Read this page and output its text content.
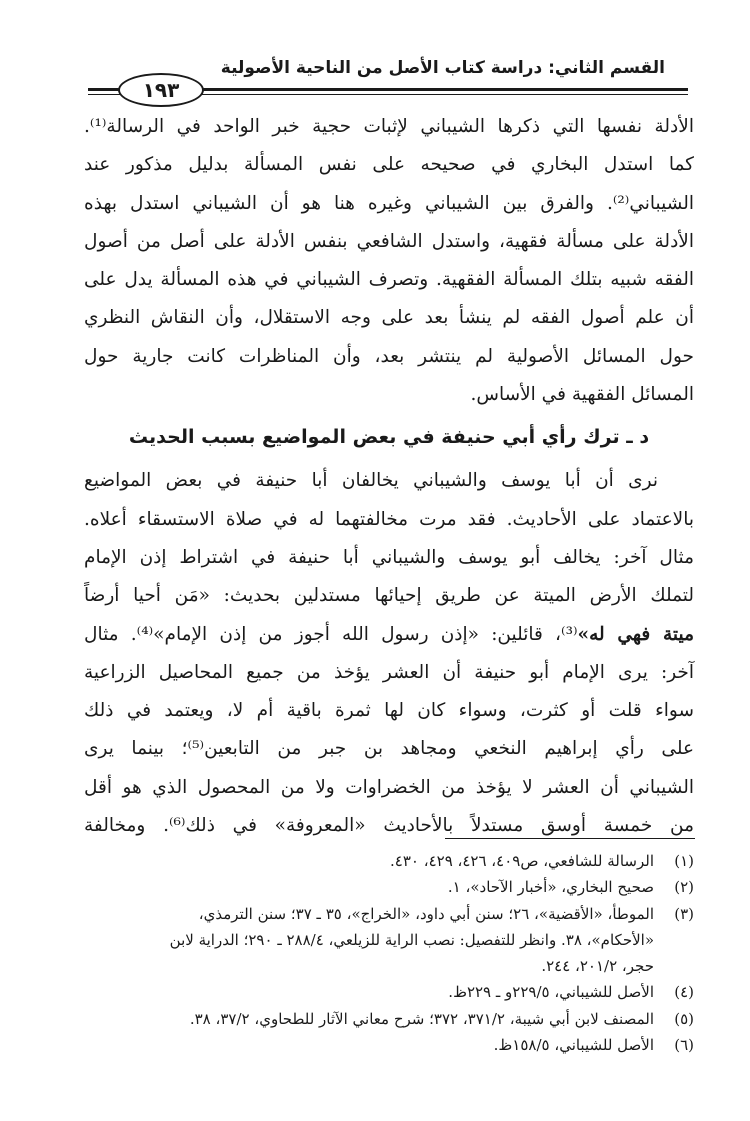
القسم الثاني: دراسة كتاب الأصل من الناحية الأصولية
١٩٣
الأدلة نفسها التي ذكرها الشيباني لإثبات حجية خبر الواحد في الرسالة⁽¹⁾.
كما استدل البخاري في صحيحه على نفس المسألة بدليل مذكور عند
الشيباني⁽²⁾. والفرق بين الشيباني وغيره هنا هو أن الشيباني استدل بهذه
الأدلة على مسألة فقهية، واستدل الشافعي بنفس الأدلة على أصل من أصول
الفقه شبيه بتلك المسألة الفقهية. وتصرف الشيباني في هذه المسألة يدل على
أن علم أصول الفقه لم ينشأ بعد على وجه الاستقلال، وأن النقاش النظري
حول المسائل الأصولية لم ينتشر بعد، وأن المناظرات كانت جارية حول
المسائل الفقهية في الأساس.
د ـ ترك رأي أبي حنيفة في بعض المواضيع بسبب الحديث
نرى أن أبا يوسف والشيباني يخالفان أبا حنيفة في بعض المواضيع
بالاعتماد على الأحاديث. فقد مرت مخالفتهما له في صلاة الاستسقاء أعلاه.
مثال آخر: يخالف أبو يوسف والشيباني أبا حنيفة في اشتراط إذن الإمام
لتملك الأرض الميتة عن طريق إحيائها مستدلين بحديث: «مَن أحيا أرضاً
ميتة فهي له»⁽³⁾، قائلين: «إذن رسول الله أجوز من إذن الإمام»⁽⁴⁾. مثال
آخر: يرى الإمام أبو حنيفة أن العشر يؤخذ من جميع المحاصيل الزراعية
سواء قلت أو كثرت، وسواء كان لها ثمرة باقية أم لا، ويعتمد في ذلك
على رأي إبراهيم النخعي ومجاهد بن جبر من التابعين⁽⁵⁾؛ بينما يرى
الشيباني أن العشر لا يؤخذ من الخضراوات ولا من المحصول الذي هو أقل
من خمسة أوسق مستدلاً بالأحاديث «المعروفة» في ذلك⁽⁶⁾. ومخالفة
(١)
الرسالة للشافعي، ص٤٠٩، ٤٢٦، ٤٢٩، ٤٣٠.
(٢)
صحيح البخاري، «أخبار الآحاد»، ١.
(٣)
الموطأ، «الأقضية»، ٢٦؛ سنن أبي داود، «الخراج»، ٣٥ ـ ٣٧؛ سنن الترمذي،
«الأحكام»، ٣٨. وانظر للتفصيل: نصب الراية للزيلعي، ٢٨٨/٤ ـ ٢٩٠؛ الدراية لابن
حجر، ٢٠١/٢، ٢٤٤.
(٤)
الأصل للشيباني، ٢٢٩/٥و ـ ٢٢٩ظ.
(٥)
المصنف لابن أبي شيبة، ٣٧١/٢، ٣٧٢؛ شرح معاني الآثار للطحاوي، ٣٧/٢، ٣٨.
(٦)
الأصل للشيباني، ١٥٨/٥ظ.
